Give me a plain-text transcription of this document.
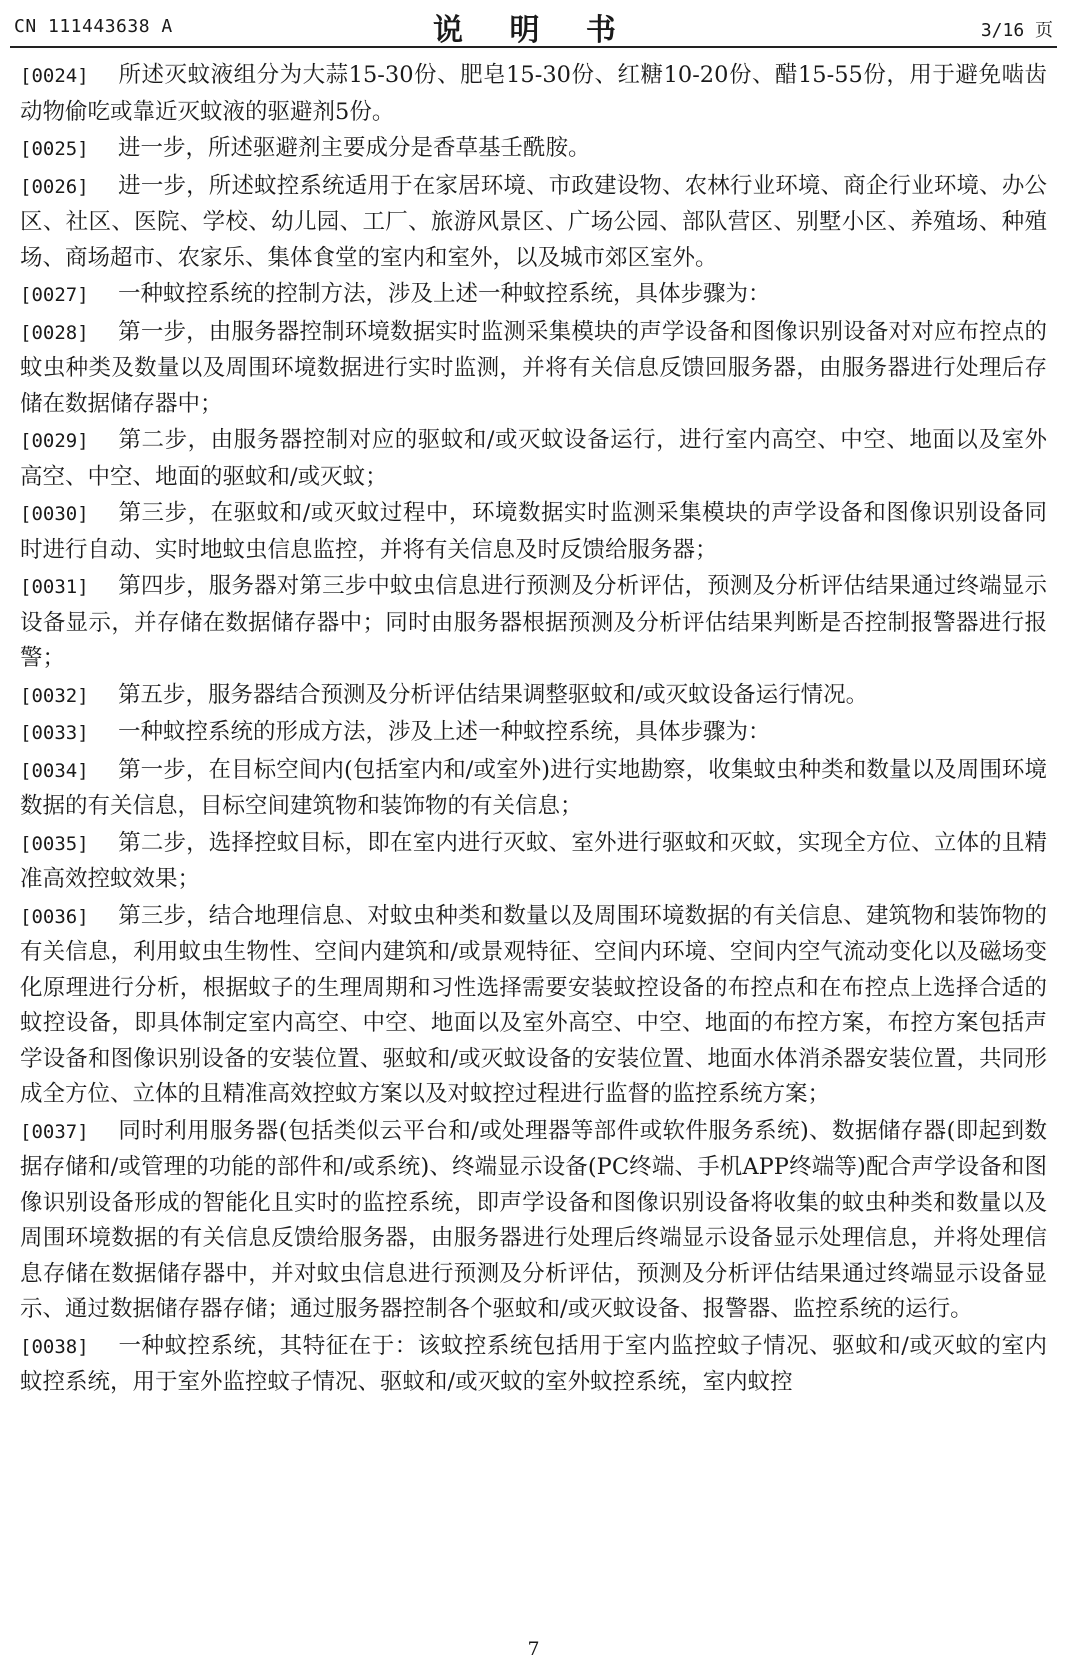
CN 111443638 A	说 明 书	3/16 页

[0024] 所述灭蚊液组分为大蒜15-30份、肥皂15-30份、红糖10-20份、醋15-55份，用于避免啮齿动物偷吃或靠近灭蚊液的驱避剂5份。

[0025] 进一步，所述驱避剂主要成分是香草基壬酰胺。

[0026] 进一步，所述蚊控系统适用于在家居环境、市政建设物、农林行业环境、商企行业环境、办公区、社区、医院、学校、幼儿园、工厂、旅游风景区、广场公园、部队营区、别墅小区、养殖场、种殖场、商场超市、农家乐、集体食堂的室内和室外，以及城市郊区室外。

[0027] 一种蚊控系统的控制方法，涉及上述一种蚊控系统，具体步骤为：

[0028] 第一步，由服务器控制环境数据实时监测采集模块的声学设备和图像识别设备对对应布控点的蚊虫种类及数量以及周围环境数据进行实时监测，并将有关信息反馈回服务器，由服务器进行处理后存储在数据储存器中；

[0029] 第二步，由服务器控制对应的驱蚊和/或灭蚊设备运行，进行室内高空、中空、地面以及室外高空、中空、地面的驱蚊和/或灭蚊；

[0030] 第三步，在驱蚊和/或灭蚊过程中，环境数据实时监测采集模块的声学设备和图像识别设备同时进行自动、实时地蚊虫信息监控，并将有关信息及时反馈给服务器；

[0031] 第四步，服务器对第三步中蚊虫信息进行预测及分析评估，预测及分析评估结果通过终端显示设备显示，并存储在数据储存器中；同时由服务器根据预测及分析评估结果判断是否控制报警器进行报警；

[0032] 第五步，服务器结合预测及分析评估结果调整驱蚊和/或灭蚊设备运行情况。

[0033] 一种蚊控系统的形成方法，涉及上述一种蚊控系统，具体步骤为：

[0034] 第一步，在目标空间内(包括室内和/或室外)进行实地勘察，收集蚊虫种类和数量以及周围环境数据的有关信息，目标空间建筑物和装饰物的有关信息；

[0035] 第二步，选择控蚊目标，即在室内进行灭蚊、室外进行驱蚊和灭蚊，实现全方位、立体的且精准高效控蚊效果；

[0036] 第三步，结合地理信息、对蚊虫种类和数量以及周围环境数据的有关信息、建筑物和装饰物的有关信息，利用蚊虫生物性、空间内建筑和/或景观特征、空间内环境、空间内空气流动变化以及磁场变化原理进行分析，根据蚊子的生理周期和习性选择需要安装蚊控设备的布控点和在布控点上选择合适的蚊控设备，即具体制定室内高空、中空、地面以及室外高空、中空、地面的布控方案，布控方案包括声学设备和图像识别设备的安装位置、驱蚊和/或灭蚊设备的安装位置、地面水体消杀器安装位置，共同形成全方位、立体的且精准高效控蚊方案以及对蚊控过程进行监督的监控系统方案；

[0037] 同时利用服务器(包括类似云平台和/或处理器等部件或软件服务系统)、数据储存器(即起到数据存储和/或管理的功能的部件和/或系统)、终端显示设备(PC终端、手机APP终端等)配合声学设备和图像识别设备形成的智能化且实时的监控系统，即声学设备和图像识别设备将收集的蚊虫种类和数量以及周围环境数据的有关信息反馈给服务器，由服务器进行处理后终端显示设备显示处理信息，并将处理信息存储在数据储存器中，并对蚊虫信息进行预测及分析评估，预测及分析评估结果通过终端显示设备显示、通过数据储存器存储；通过服务器控制各个驱蚊和/或灭蚊设备、报警器、监控系统的运行。

[0038] 一种蚊控系统，其特征在于：该蚊控系统包括用于室内监控蚊子情况、驱蚊和/或灭蚊的室内蚊控系统，用于室外监控蚊子情况、驱蚊和/或灭蚊的室外蚊控系统，室内蚊控

7
